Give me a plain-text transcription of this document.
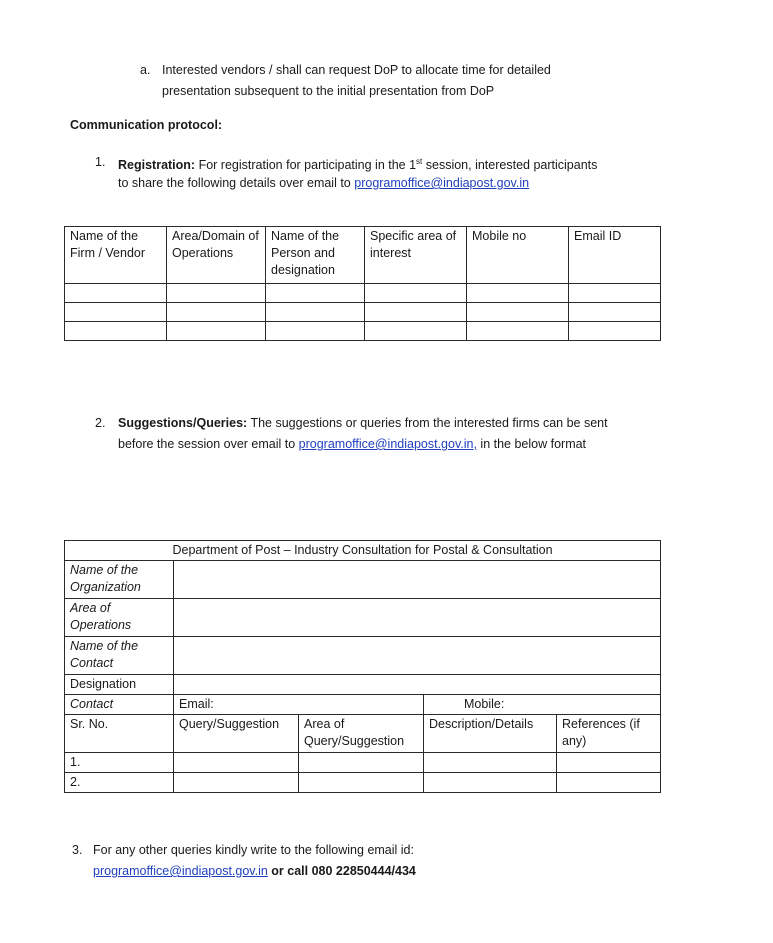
a. Interested vendors / shall can request DoP to allocate time for detailed
presentation subsequent to the initial presentation from DoP
Communication protocol:
1. Registration: For registration for participating in the 1st session, interested participants
to share the following details over email to programoffice@indiapost.gov.in
Name of the Firm / Vendor	Area/Domain of Operations	Name of the Person and designation	Specific area of interest	Mobile no	Email ID

2. Suggestions/Queries: The suggestions or queries from the interested firms can be sent
before the session over email to programoffice@indiapost.gov.in, in the below format
Department of Post – Industry Consultation for Postal & Consultation				
Name of the Organization				
Area of Operations				
Name of the Contact				
Designation				
Contact	Email:		Mobile:	
Sr. No.	Query/Suggestion	Area of Query/Suggestion	Description/Details	References (if any)
1.				
2.				
3. For any other queries kindly write to the following email id:
programoffice@indiapost.gov.in or call 080 22850444/434
